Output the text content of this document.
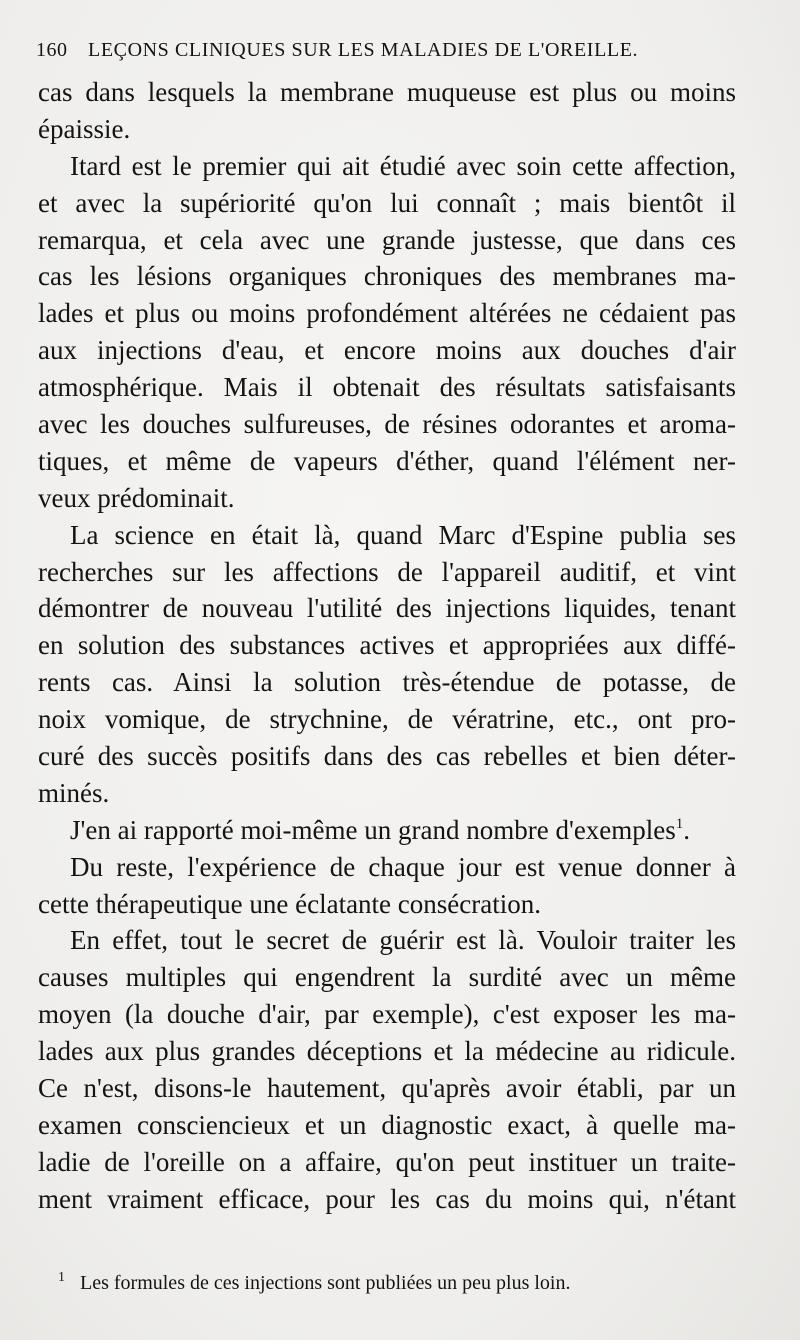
160 LEÇONS CLINIQUES SUR LES MALADIES DE L'OREILLE.
cas dans lesquels la membrane muqueuse est plus ou moins
épaissie.
Itard est le premier qui ait étudié avec soin cette affection,
et avec la supériorité qu'on lui connaît ; mais bientôt il
remarqua, et cela avec une grande justesse, que dans ces
cas les lésions organiques chroniques des membranes ma-
lades et plus ou moins profondément altérées ne cédaient pas
aux injections d'eau, et encore moins aux douches d'air
atmosphérique. Mais il obtenait des résultats satisfaisants
avec les douches sulfureuses, de résines odorantes et aroma-
tiques, et même de vapeurs d'éther, quand l'élément ner-
veux prédominait.
La science en était là, quand Marc d'Espine publia ses
recherches sur les affections de l'appareil auditif, et vint
démontrer de nouveau l'utilité des injections liquides, tenant
en solution des substances actives et appropriées aux diffé-
rents cas. Ainsi la solution très-étendue de potasse, de
noix vomique, de strychnine, de vératrine, etc., ont pro-
curé des succès positifs dans des cas rebelles et bien déter-
minés.
J'en ai rapporté moi-même un grand nombre d'exemples$^1$.
Du reste, l'expérience de chaque jour est venue donner à
cette thérapeutique une éclatante consécration.
En effet, tout le secret de guérir est là. Vouloir traiter les
causes multiples qui engendrent la surdité avec un même
moyen (la douche d'air, par exemple), c'est exposer les ma-
lades aux plus grandes déceptions et la médecine au ridicule.
Ce n'est, disons-le hautement, qu'après avoir établi, par un
examen consciencieux et un diagnostic exact, à quelle ma-
ladie de l'oreille on a affaire, qu'on peut instituer un traite-
ment vraiment efficace, pour les cas du moins qui, n'étant
1 Les formules de ces injections sont publiées un peu plus loin.
